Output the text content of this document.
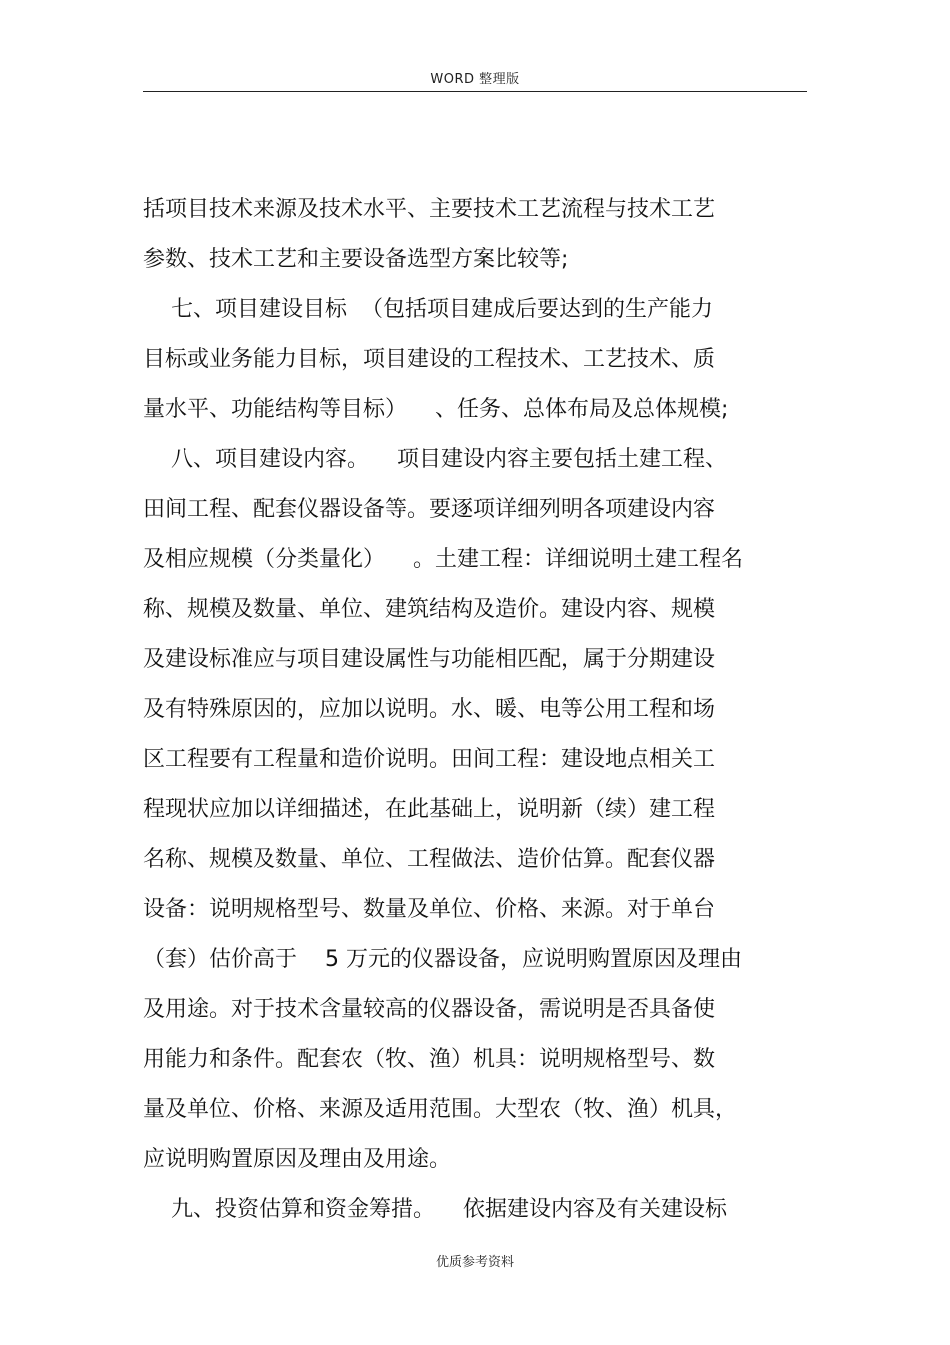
WORD 整理版
括项目技术来源及技术水平、主要技术工艺流程与技术工艺
参数、技术工艺和主要设备选型方案比较等;
七、项目建设目标  （包括项目建成后要达到的生产能力
目标或业务能力目标，项目建设的工程技术、工艺技术、质
量水平、功能结构等目标）    、任务、总体布局及总体规模;
八、项目建设内容。    项目建设内容主要包括土建工程、
田间工程、配套仪器设备等。要逐项详细列明各项建设内容
及相应规模（分类量化）    。土建工程：详细说明土建工程名
称、规模及数量、单位、建筑结构及造价。建设内容、规模
及建设标准应与项目建设属性与功能相匹配，属于分期建设
及有特殊原因的，应加以说明。水、暖、电等公用工程和场
区工程要有工程量和造价说明。田间工程：建设地点相关工
程现状应加以详细描述，在此基础上，说明新（续）建工程
名称、规模及数量、单位、工程做法、造价估算。配套仪器
设备：说明规格型号、数量及单位、价格、来源。对于单台
（套）估价高于    5 万元的仪器设备，应说明购置原因及理由
及用途。对于技术含量较高的仪器设备，需说明是否具备使
用能力和条件。配套农（牧、渔）机具：说明规格型号、数
量及单位、价格、来源及适用范围。大型农（牧、渔）机具，
应说明购置原因及理由及用途。
九、投资估算和资金筹措。    依据建设内容及有关建设标
优质参考资料
